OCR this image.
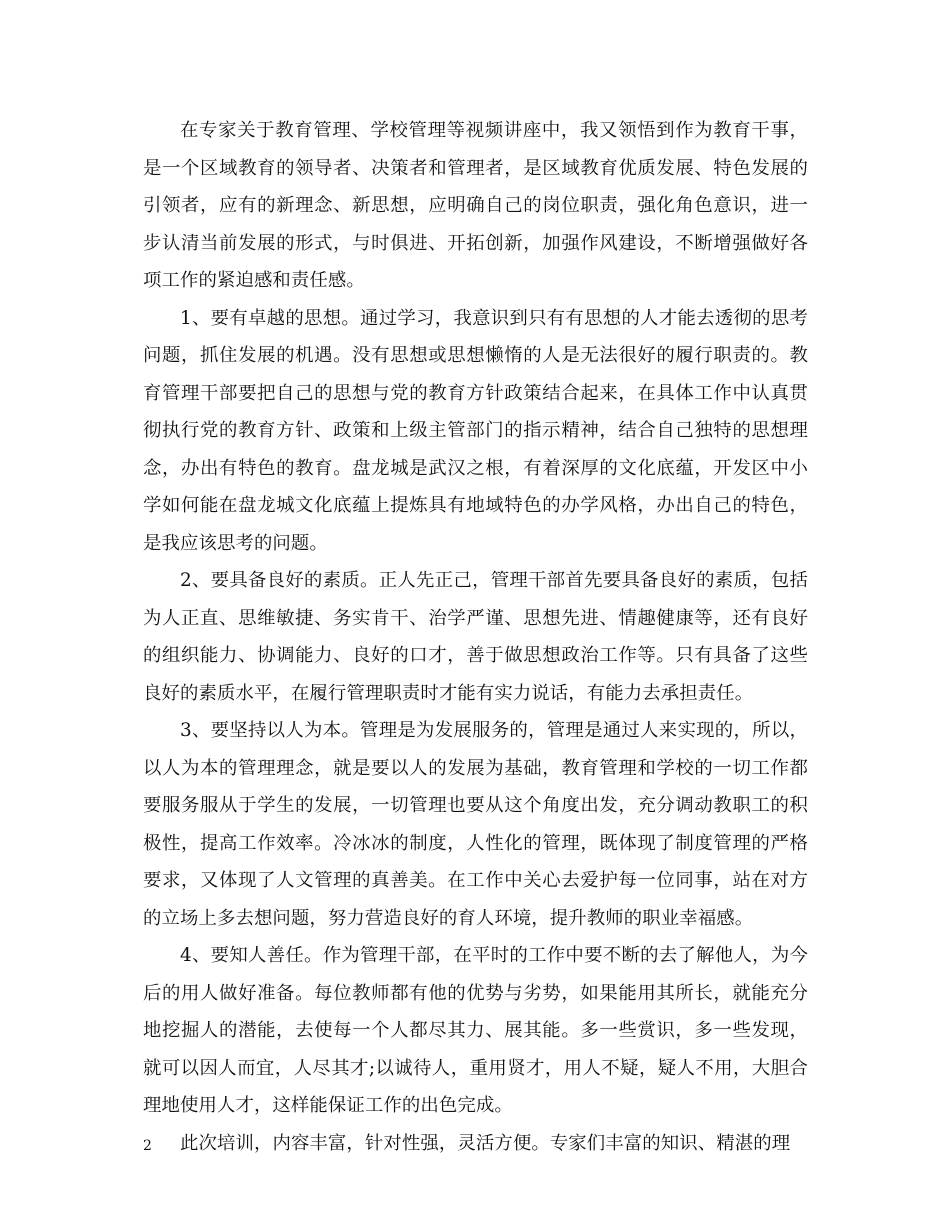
在专家关于教育管理、学校管理等视频讲座中，我又领悟到作为教育干事，是一个区域教育的领导者、决策者和管理者，是区域教育优质发展、特色发展的引领者，应有的新理念、新思想，应明确自己的岗位职责，强化角色意识，进一步认清当前发展的形式，与时俱进、开拓创新，加强作风建设，不断增强做好各项工作的紧迫感和责任感。

1、要有卓越的思想。通过学习，我意识到只有有思想的人才能去透彻的思考问题，抓住发展的机遇。没有思想或思想懒惰的人是无法很好的履行职责的。教育管理干部要把自己的思想与党的教育方针政策结合起来，在具体工作中认真贯彻执行党的教育方针、政策和上级主管部门的指示精神，结合自己独特的思想理念，办出有特色的教育。盘龙城是武汉之根，有着深厚的文化底蕴，开发区中小学如何能在盘龙城文化底蕴上提炼具有地域特色的办学风格，办出自己的特色，是我应该思考的问题。

2、要具备良好的素质。正人先正己，管理干部首先要具备良好的素质，包括为人正直、思维敏捷、务实肯干、治学严谨、思想先进、情趣健康等，还有良好的组织能力、协调能力、良好的口才，善于做思想政治工作等。只有具备了这些良好的素质水平，在履行管理职责时才能有实力说话，有能力去承担责任。

3、要坚持以人为本。管理是为发展服务的，管理是通过人来实现的，所以，以人为本的管理理念，就是要以人的发展为基础，教育管理和学校的一切工作都要服务服从于学生的发展，一切管理也要从这个角度出发，充分调动教职工的积极性，提高工作效率。冷冰冰的制度，人性化的管理，既体现了制度管理的严格要求，又体现了人文管理的真善美。在工作中关心去爱护每一位同事，站在对方的立场上多去想问题，努力营造良好的育人环境，提升教师的职业幸福感。

4、要知人善任。作为管理干部，在平时的工作中要不断的去了解他人，为今后的用人做好准备。每位教师都有他的优势与劣势，如果能用其所长，就能充分地挖掘人的潜能，去使每一个人都尽其力、展其能。多一些赏识，多一些发现，就可以因人而宜，人尽其才;以诚待人，重用贤才，用人不疑，疑人不用，大胆合理地使用人才，这样能保证工作的出色完成。

此次培训，内容丰富，针对性强，灵活方便。专家们丰富的知识、精湛的理

2
